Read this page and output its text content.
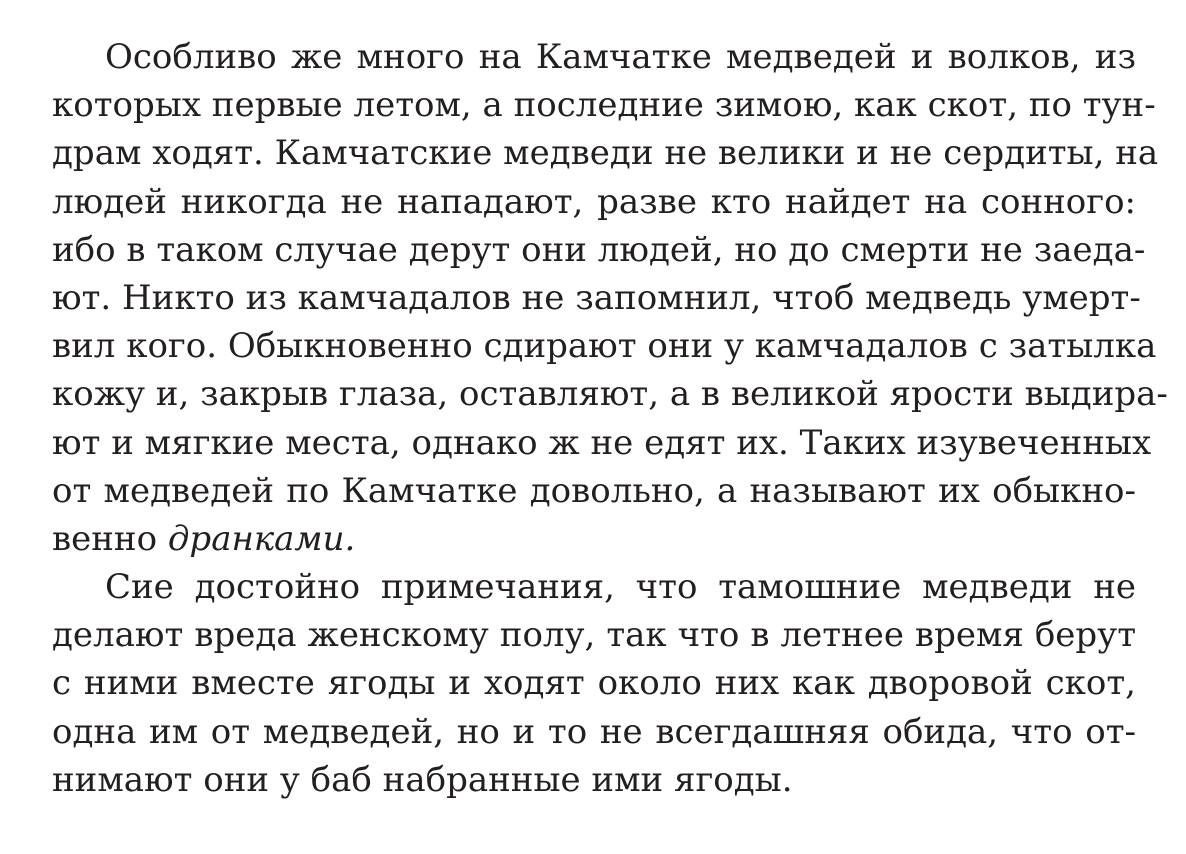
Особливо же много на Камчатке медведей и волков, из
которых первые летом, а последние зимою, как скот, по тун-
драм ходят. Камчатские медведи не велики и не сердиты, на
людей никогда не нападают, разве кто найдет на сонного:
ибо в таком случае дерут они людей, но до смерти не заеда-
ют. Никто из камчадалов не запомнил, чтоб медведь умерт-
вил кого. Обыкновенно сдирают они у камчадалов с затылка
кожу и, закрыв глаза, оставляют, а в великой ярости выдира-
ют и мягкие места, однако ж не едят их. Таких изувеченных
от медведей по Камчатке довольно, а называют их обыкно-
венно дранками.
Сие достойно примечания, что тамошние медведи не
делают вреда женскому полу, так что в летнее время берут
с ними вместе ягоды и ходят около них как дворовой скот,
одна им от медведей, но и то не всегдашняя обида, что от-
нимают они у баб набранные ими ягоды.
